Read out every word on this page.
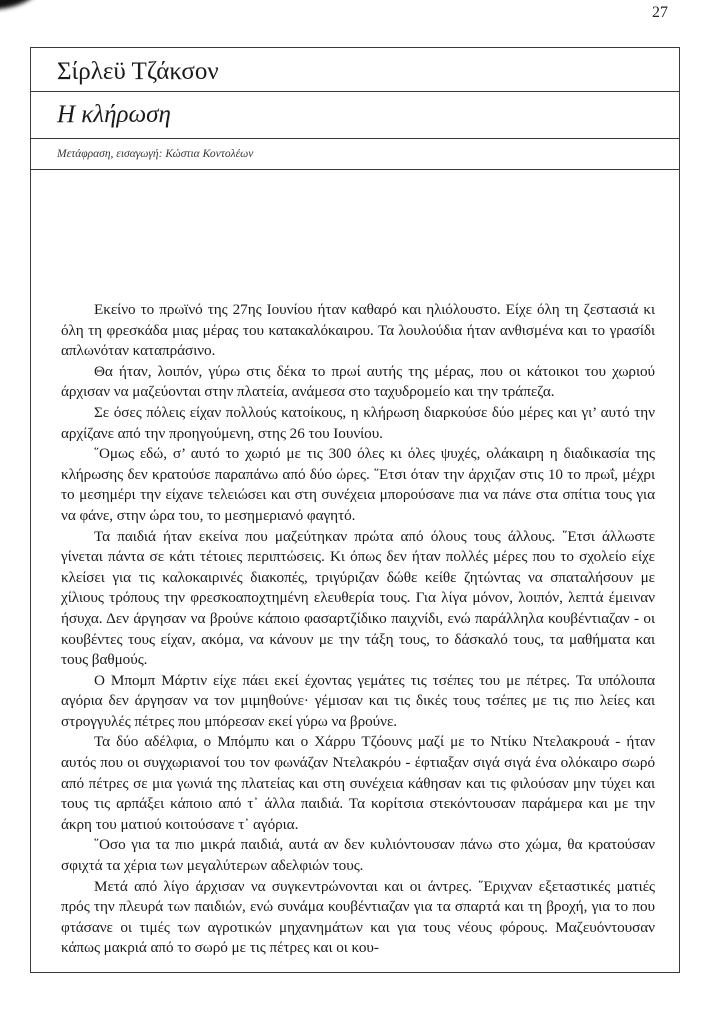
27
Σίρλεϋ Τζάκσον
Η κλήρωση
Μετάφραση, εισαγωγή: Κώστια Κοντολέων

Εκείνο το πρωϊνό της 27ης Ιουνίου ήταν καθαρό και ηλιόλουστο. Είχε όλη τη ζεστασιά κι όλη τη φρεσκάδα μιας μέρας του κατακαλόκαιρου. Τα λουλούδια ήταν ανθισμένα και το γρασίδι απλωνόταν καταπράσινο.

Θα ήταν, λοιπόν, γύρω στις δέκα το πρωί αυτής της μέρας, που οι κάτοικοι του χωριού άρχισαν να μαζεύονται στην πλατεία, ανάμεσα στο ταχυδρομείο και την τράπεζα.

Σε όσες πόλεις είχαν πολλούς κατοίκους, η κλήρωση διαρκούσε δύο μέρες και γι’ αυτό την αρχίζανε από την προηγούμενη, στης 26 του Ιουνίου.

῞Ομως εδώ, σ’ αυτό το χωριό με τις 300 όλες κι όλες ψυχές, ολάκαιρη η διαδικασία της κλήρωσης δεν κρατούσε παραπάνω από δύο ώρες. ῞Ετσι όταν την άρχιζαν στις 10 το πρωΐ, μέχρι το μεσημέρι την είχανε τελειώσει και στη συνέχεια μπορούσανε πια να πάνε στα σπίτια τους για να φάνε, στην ώρα του, το μεσημεριανό φαγητό.

Τα παιδιά ήταν εκείνα που μαζεύτηκαν πρώτα από όλους τους άλλους. ῞Ετσι άλλωστε γίνεται πάντα σε κάτι τέτοιες περιπτώσεις. Κι όπως δεν ήταν πολλές μέρες που το σχολείο είχε κλείσει για τις καλοκαιρινές διακοπές, τριγύριζαν δώθε κείθε ζητώντας να σπαταλήσουν με χίλιους τρόπους την φρεσκοαποχτημένη ελευθερία τους. Για λίγα μόνον, λοιπόν, λεπτά έμειναν ήσυχα. Δεν άργησαν να βρούνε κάποιο φασαρτζίδικο παιχνίδι, ενώ παράλληλα κουβέντιαζαν - οι κουβέντες τους είχαν, ακόμα, να κάνουν με την τάξη τους, το δάσκαλό τους, τα μαθήματα και τους βαθμούς.

Ο Μπομπ Μάρτιν είχε πάει εκεί έχοντας γεμάτες τις τσέπες του με πέτρες. Τα υπόλοιπα αγόρια δεν άργησαν να τον μιμηθούνε· γέμισαν και τις δικές τους τσέπες με τις πιο λείες και στρογγυλές πέτρες που μπόρεσαν εκεί γύρω να βρούνε.

Τα δύο αδέλφια, ο Μπόμπυ και ο Χάρρυ Τζόουνς μαζί με το Ντίκυ Ντελακρουά - ήταν αυτός που οι συγχωριανοί του τον φωνάζαν Ντελακρόυ - έφτιαξαν σιγά σιγά ένα ολόκαιρο σωρό από πέτρες σε μια γωνιά της πλατείας και στη συνέχεια κάθησαν και τις φιλούσαν μην τύχει και τους τις αρπάξει κάποιο από τ᾽ άλλα παιδιά. Τα κορίτσια στεκόντουσαν παράμερα και με την άκρη του ματιού κοιτούσανε τ᾽ αγόρια.

῞Οσο για τα πιο μικρά παιδιά, αυτά αν δεν κυλιόντουσαν πάνω στο χώμα, θα κρατούσαν σφιχτά τα χέρια των μεγαλύτερων αδελφιών τους.

Μετά από λίγο άρχισαν να συγκεντρώνονται και οι άντρες. ῞Εριχναν εξεταστικές ματιές πρός την πλευρά των παιδιών, ενώ συνάμα κουβέντιαζαν για τα σπαρτά και τη βροχή, για το που φτάσανε οι τιμές των αγροτικών μηχανημάτων και για τους νέους φόρους. Μαζευόντουσαν κάπως μακριά από το σωρό με τις πέτρες και οι κου-
